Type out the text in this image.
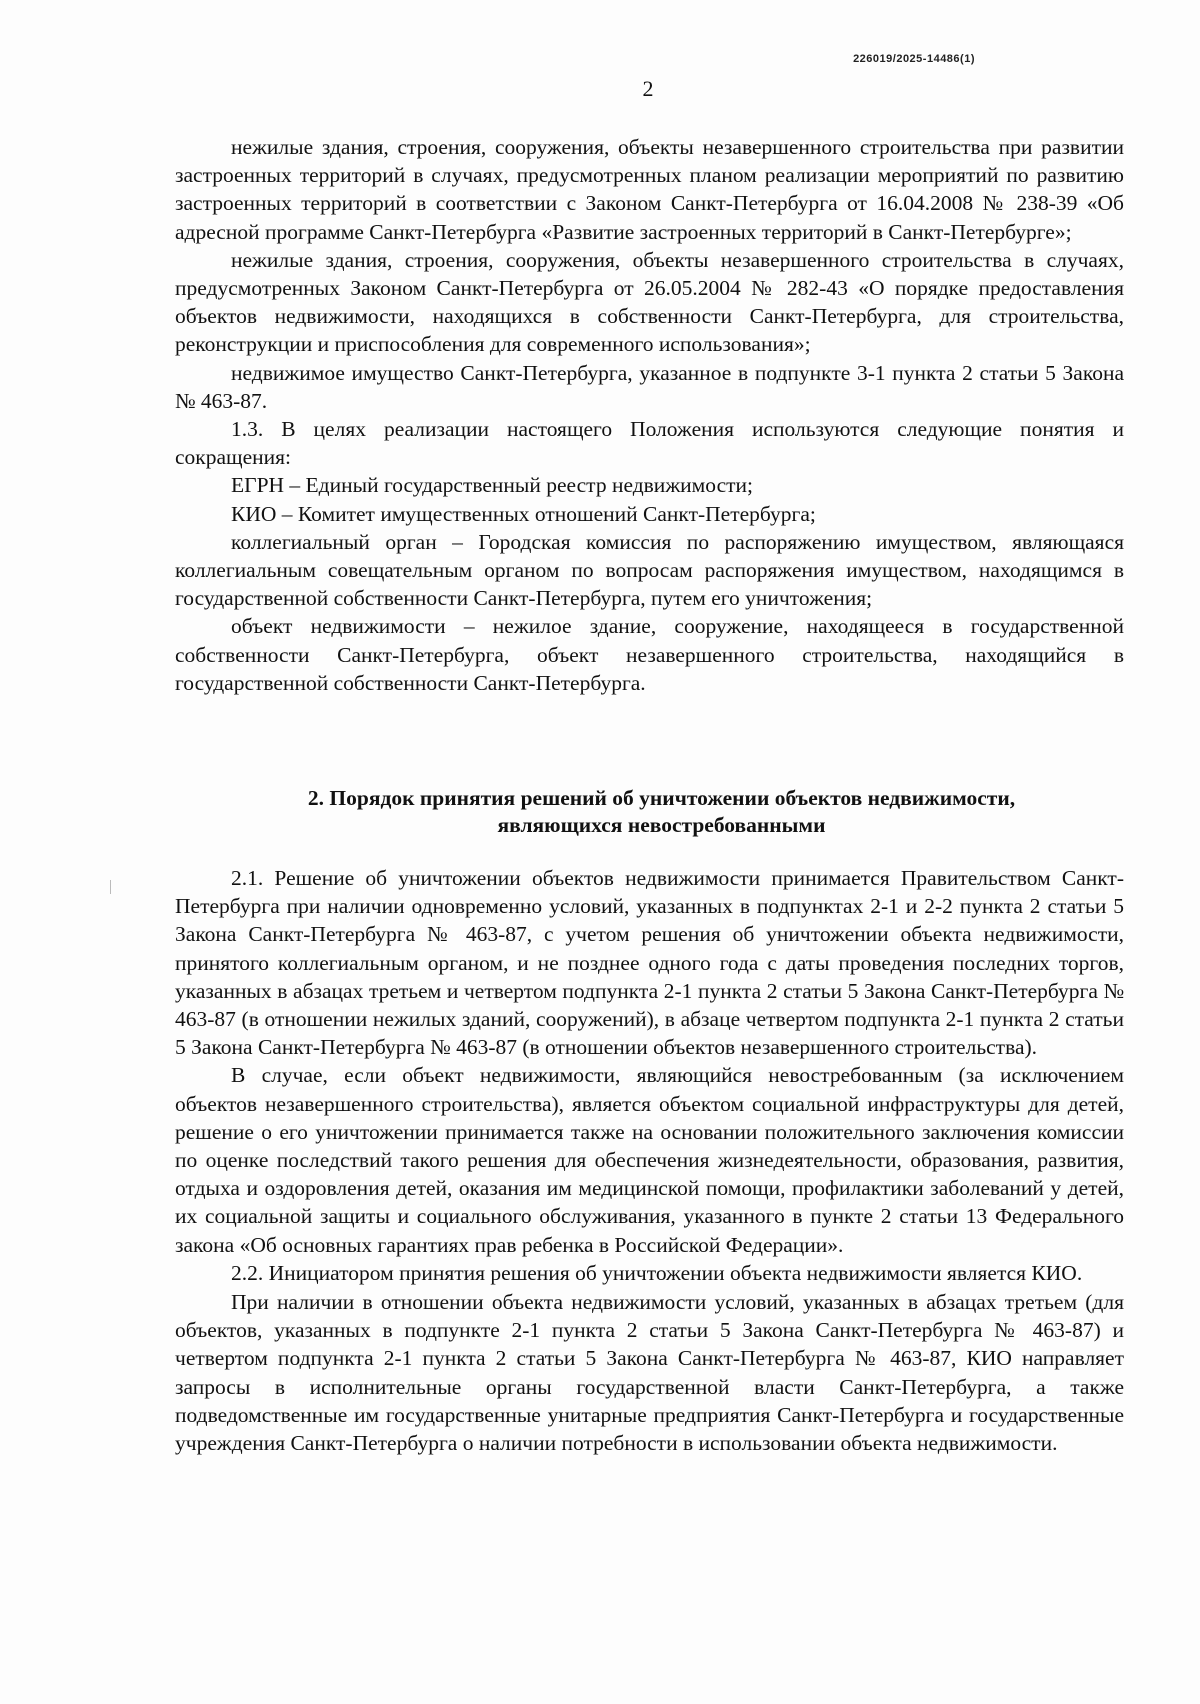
226019/2025-14486(1)
2

нежилые здания, строения, сооружения, объекты незавершенного строительства при развитии застроенных территорий в случаях, предусмотренных планом реализации мероприятий по развитию застроенных территорий в соответствии с Законом Санкт-Петербурга от 16.04.2008 № 238-39 «Об адресной программе Санкт-Петербурга «Развитие застроенных территорий в Санкт-Петербурге»;

нежилые здания, строения, сооружения, объекты незавершенного строительства в случаях, предусмотренных Законом Санкт-Петербурга от 26.05.2004 № 282-43 «О порядке предоставления объектов недвижимости, находящихся в собственности Санкт-Петербурга, для строительства, реконструкции и приспособления для современного использования»;

недвижимое имущество Санкт-Петербурга, указанное в подпункте 3-1 пункта 2 статьи 5 Закона № 463-87.

1.3. В целях реализации настоящего Положения используются следующие понятия и сокращения:

ЕГРН – Единый государственный реестр недвижимости;

КИО – Комитет имущественных отношений Санкт-Петербурга;

коллегиальный орган – Городская комиссия по распоряжению имуществом, являющаяся коллегиальным совещательным органом по вопросам распоряжения имуществом, находящимся в государственной собственности Санкт-Петербурга, путем его уничтожения;

объект недвижимости – нежилое здание, сооружение, находящееся в государственной собственности Санкт-Петербурга, объект незавершенного строительства, находящийся в государственной собственности Санкт-Петербурга.

2. Порядок принятия решений об уничтожении объектов недвижимости,
являющихся невостребованными

2.1. Решение об уничтожении объектов недвижимости принимается Правительством Санкт-Петербурга при наличии одновременно условий, указанных в подпунктах 2-1 и 2-2 пункта 2 статьи 5 Закона Санкт-Петербурга № 463-87, с учетом решения об уничтожении объекта недвижимости, принятого коллегиальным органом, и не позднее одного года с даты проведения последних торгов, указанных в абзацах третьем и четвертом подпункта 2-1 пункта 2 статьи 5 Закона Санкт-Петербурга № 463-87 (в отношении нежилых зданий, сооружений), в абзаце четвертом подпункта 2-1 пункта 2 статьи 5 Закона Санкт-Петербурга № 463-87 (в отношении объектов незавершенного строительства).

В случае, если объект недвижимости, являющийся невостребованным (за исключением объектов незавершенного строительства), является объектом социальной инфраструктуры для детей, решение о его уничтожении принимается также на основании положительного заключения комиссии по оценке последствий такого решения для обеспечения жизнедеятельности, образования, развития, отдыха и оздоровления детей, оказания им медицинской помощи, профилактики заболеваний у детей, их социальной защиты и социального обслуживания, указанного в пункте 2 статьи 13 Федерального закона «Об основных гарантиях прав ребенка в Российской Федерации».

2.2. Инициатором принятия решения об уничтожении объекта недвижимости является КИО.

При наличии в отношении объекта недвижимости условий, указанных в абзацах третьем (для объектов, указанных в подпункте 2-1 пункта 2 статьи 5 Закона Санкт-Петербурга № 463-87) и четвертом подпункта 2-1 пункта 2 статьи 5 Закона Санкт-Петербурга № 463-87, КИО направляет запросы в исполнительные органы государственной власти Санкт-Петербурга, а также подведомственные им государственные унитарные предприятия Санкт-Петербурга и государственные учреждения Санкт-Петербурга о наличии потребности в использовании объекта недвижимости.
